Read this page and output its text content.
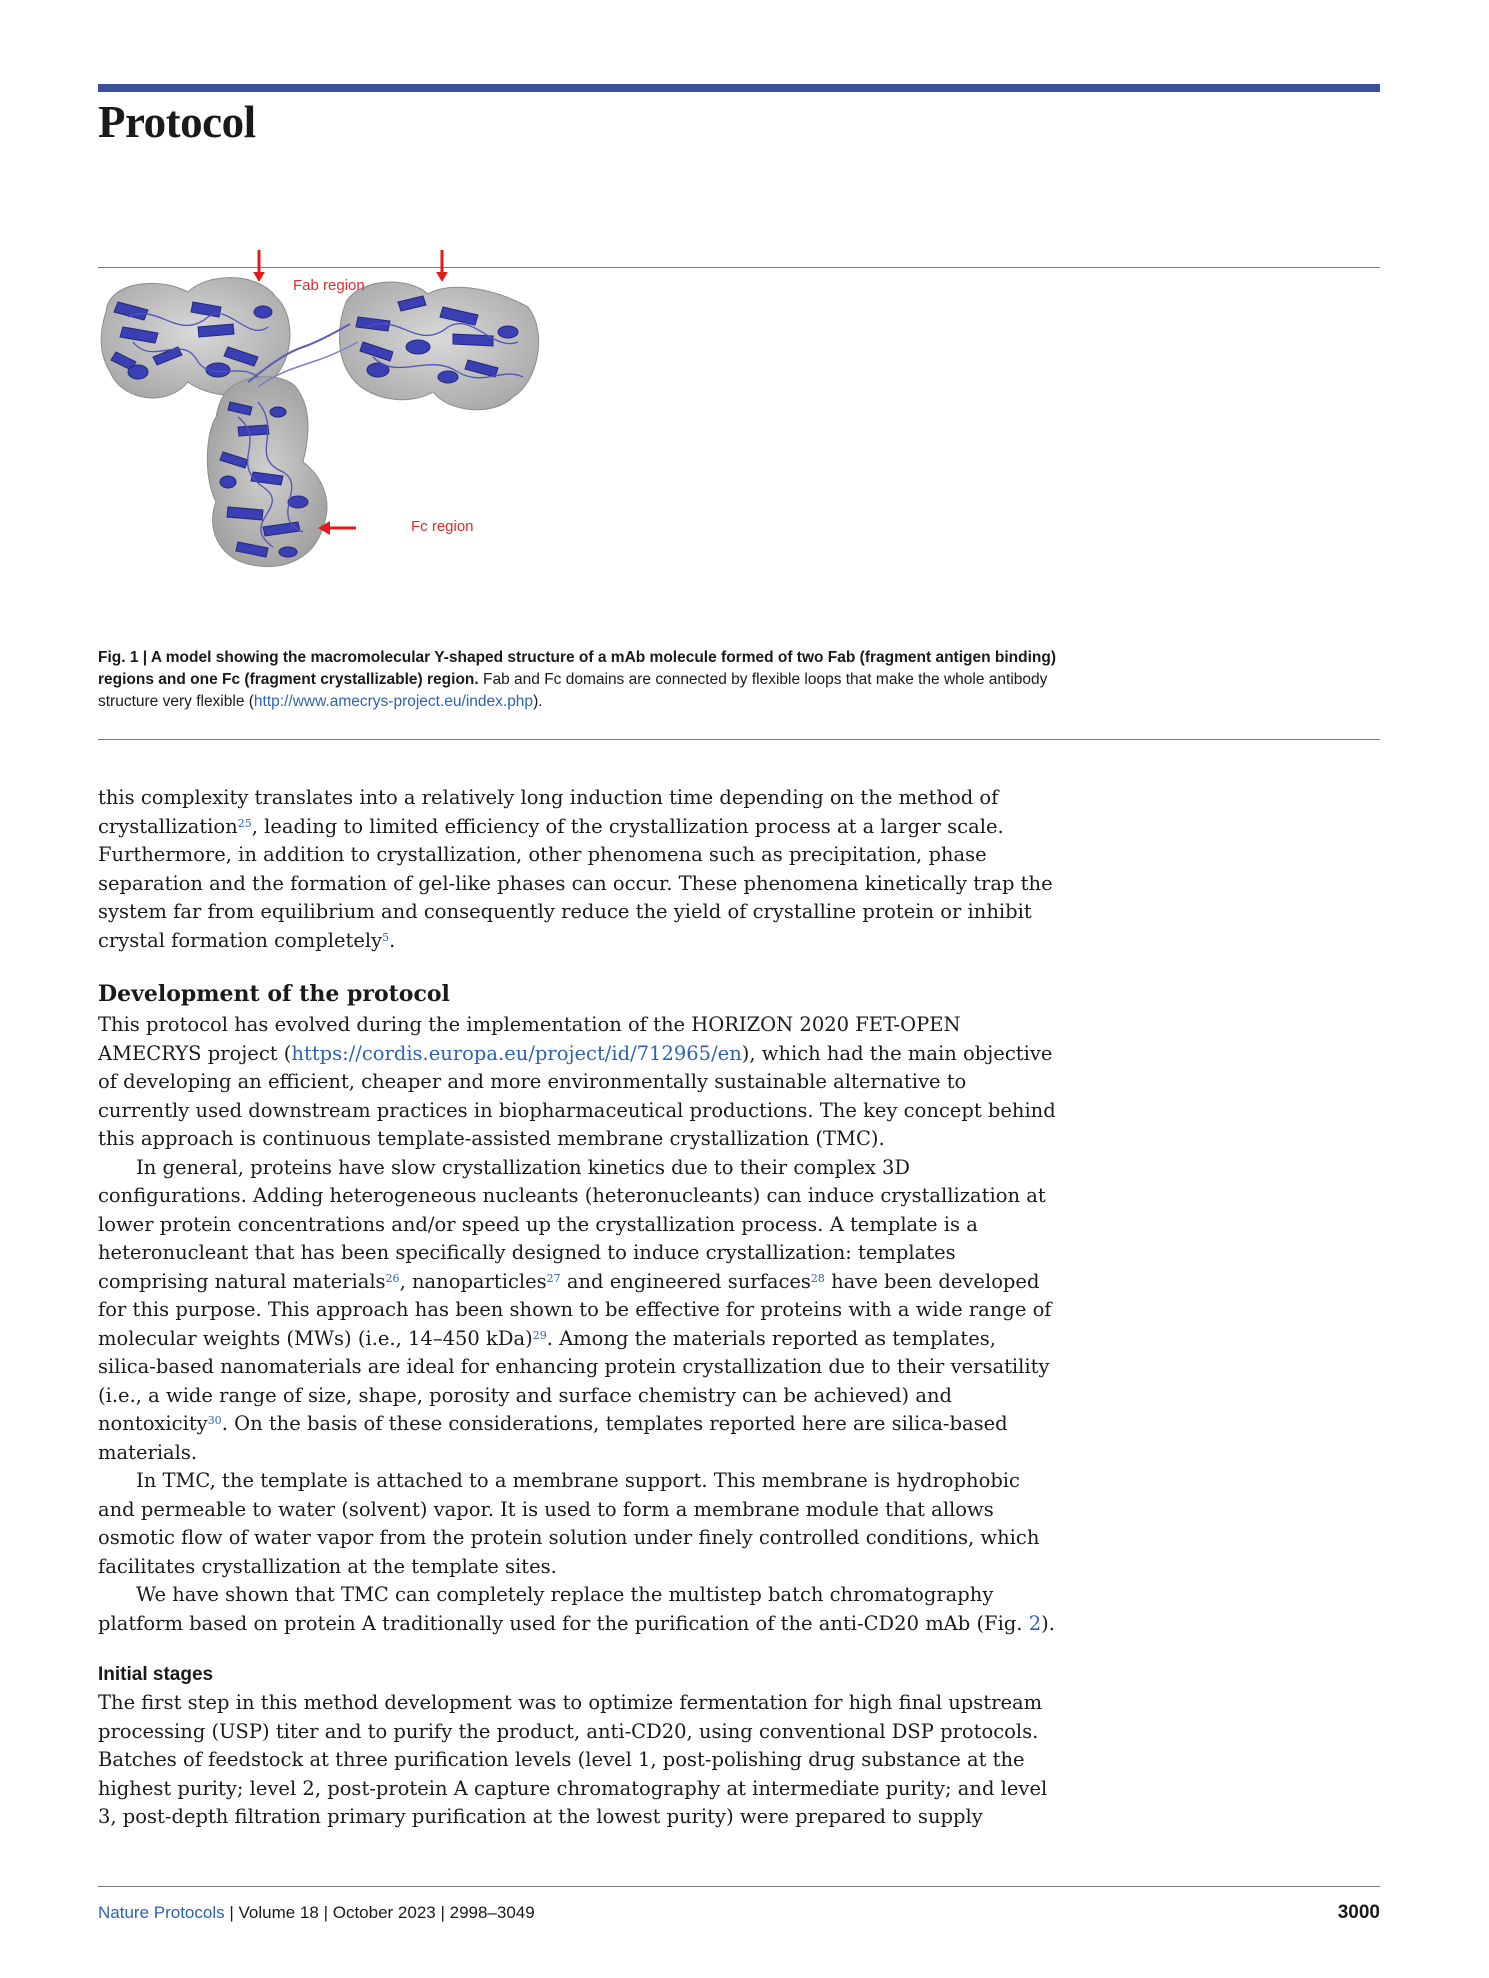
Protocol
Fab region
Fc region
Fig. 1 | A model showing the macromolecular Y-shaped structure of a mAb molecule formed of two Fab (fragment antigen binding) regions and one Fc (fragment crystallizable) region. Fab and Fc domains are connected by flexible loops that make the whole antibody structure very flexible (http://www.amecrys-project.eu/index.php).

this complexity translates into a relatively long induction time depending on the method of crystallization$^{25}$, leading to limited efficiency of the crystallization process at a larger scale. Furthermore, in addition to crystallization, other phenomena such as precipitation, phase separation and the formation of gel-like phases can occur. These phenomena kinetically trap the system far from equilibrium and consequently reduce the yield of crystalline protein or inhibit crystal formation completely$^5$.

Development of the protocol

This protocol has evolved during the implementation of the HORIZON 2020 FET-OPEN AMECRYS project (https://cordis.europa.eu/project/id/712965/en), which had the main objective of developing an efficient, cheaper and more environmentally sustainable alternative to currently used downstream practices in biopharmaceutical productions. The key concept behind this approach is continuous template-assisted membrane crystallization (TMC).

In general, proteins have slow crystallization kinetics due to their complex 3D configurations. Adding heterogeneous nucleants (heteronucleants) can induce crystallization at lower protein concentrations and/or speed up the crystallization process. A template is a heteronucleant that has been specifically designed to induce crystallization: templates comprising natural materials$^{26}$, nanoparticles$^{27}$ and engineered surfaces$^{28}$ have been developed for this purpose. This approach has been shown to be effective for proteins with a wide range of molecular weights (MWs) (i.e., 14–450 kDa)$^{29}$. Among the materials reported as templates, silica-based nanomaterials are ideal for enhancing protein crystallization due to their versatility (i.e., a wide range of size, shape, porosity and surface chemistry can be achieved) and nontoxicity$^{30}$. On the basis of these considerations, templates reported here are silica-based materials.

In TMC, the template is attached to a membrane support. This membrane is hydrophobic and permeable to water (solvent) vapor. It is used to form a membrane module that allows osmotic flow of water vapor from the protein solution under finely controlled conditions, which facilitates crystallization at the template sites.

We have shown that TMC can completely replace the multistep batch chromatography platform based on protein A traditionally used for the purification of the anti-CD20 mAb (Fig. 2).

Initial stages
The first step in this method development was to optimize fermentation for high final upstream processing (USP) titer and to purify the product, anti-CD20, using conventional DSP protocols. Batches of feedstock at three purification levels (level 1, post-polishing drug substance at the highest purity; level 2, post-protein A capture chromatography at intermediate purity; and level 3, post-depth filtration primary purification at the lowest purity) were prepared to supply
Nature Protocols | Volume 18 | October 2023 | 2998–3049	3000
